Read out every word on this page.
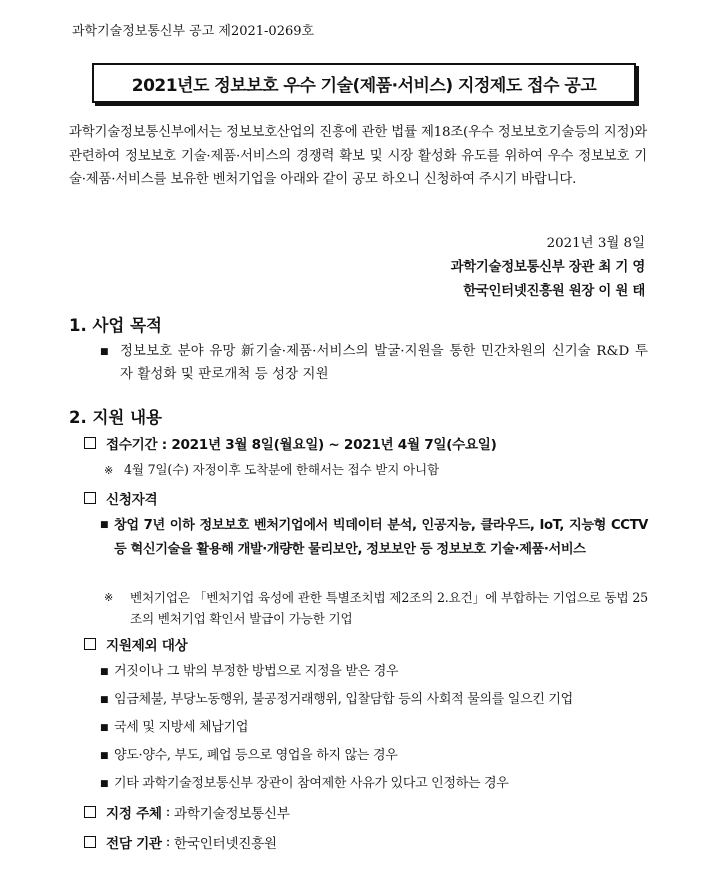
과학기술정보통신부 공고 제2021-0269호
2021년도 정보보호 우수 기술(제품·서비스) 지정제도 접수 공고
과학기술정보통신부에서는 정보보호산업의 진흥에 관한 법률 제18조(우수 정보보호기술등의 지정)와 관련하여 정보보호 기술·제품·서비스의 경쟁력 확보 및 시장 활성화 유도를 위하여 우수 정보보호 기술·제품·서비스를 보유한 벤처기업을 아래와 같이 공모 하오니 신청하여 주시기 바랍니다.
2021년 3월 8일
과학기술정보통신부 장관 최 기 영
한국인터넷진흥원 원장 이 원 태
1. 사업 목적
■ 정보보호 분야 유망 新기술·제품·서비스의 발굴·지원을 통한 민간차원의 신기술 R&D 투자 활성화 및 판로개척 등 성장 지원
2. 지원 내용
접수기간 : 2021년 3월 8일(월요일) ~ 2021년 4월 7일(수요일)
※ 4월 7일(수) 자정이후 도착분에 한해서는 접수 받지 아니함
신청자격
■ 창업 7년 이하 정보보호 벤처기업에서 빅데이터 분석, 인공지능, 클라우드, IoT, 지능형 CCTV 등 혁신기술을 활용해 개발·개량한 물리보안, 정보보안 등 정보보호 기술·제품·서비스
※	벤처기업은 「벤처기업 육성에 관한 특별조치법 제2조의 2.요건」에 부합하는 기업으로 동법 25조의 벤처기업 확인서 발급이 가능한 기업
지원제외 대상
■ 거짓이나 그 밖의 부정한 방법으로 지정을 받은 경우
■ 임금체불, 부당노동행위, 불공정거래행위, 입찰담합 등의 사회적 물의를 일으킨 기업
■ 국세 및 지방세 체납기업
■ 양도·양수, 부도, 폐업 등으로 영업을 하지 않는 경우
■ 기타 과학기술정보통신부 장관이 참여제한 사유가 있다고 인정하는 경우
지정 주체 : 과학기술정보통신부
전담 기관 : 한국인터넷진흥원
